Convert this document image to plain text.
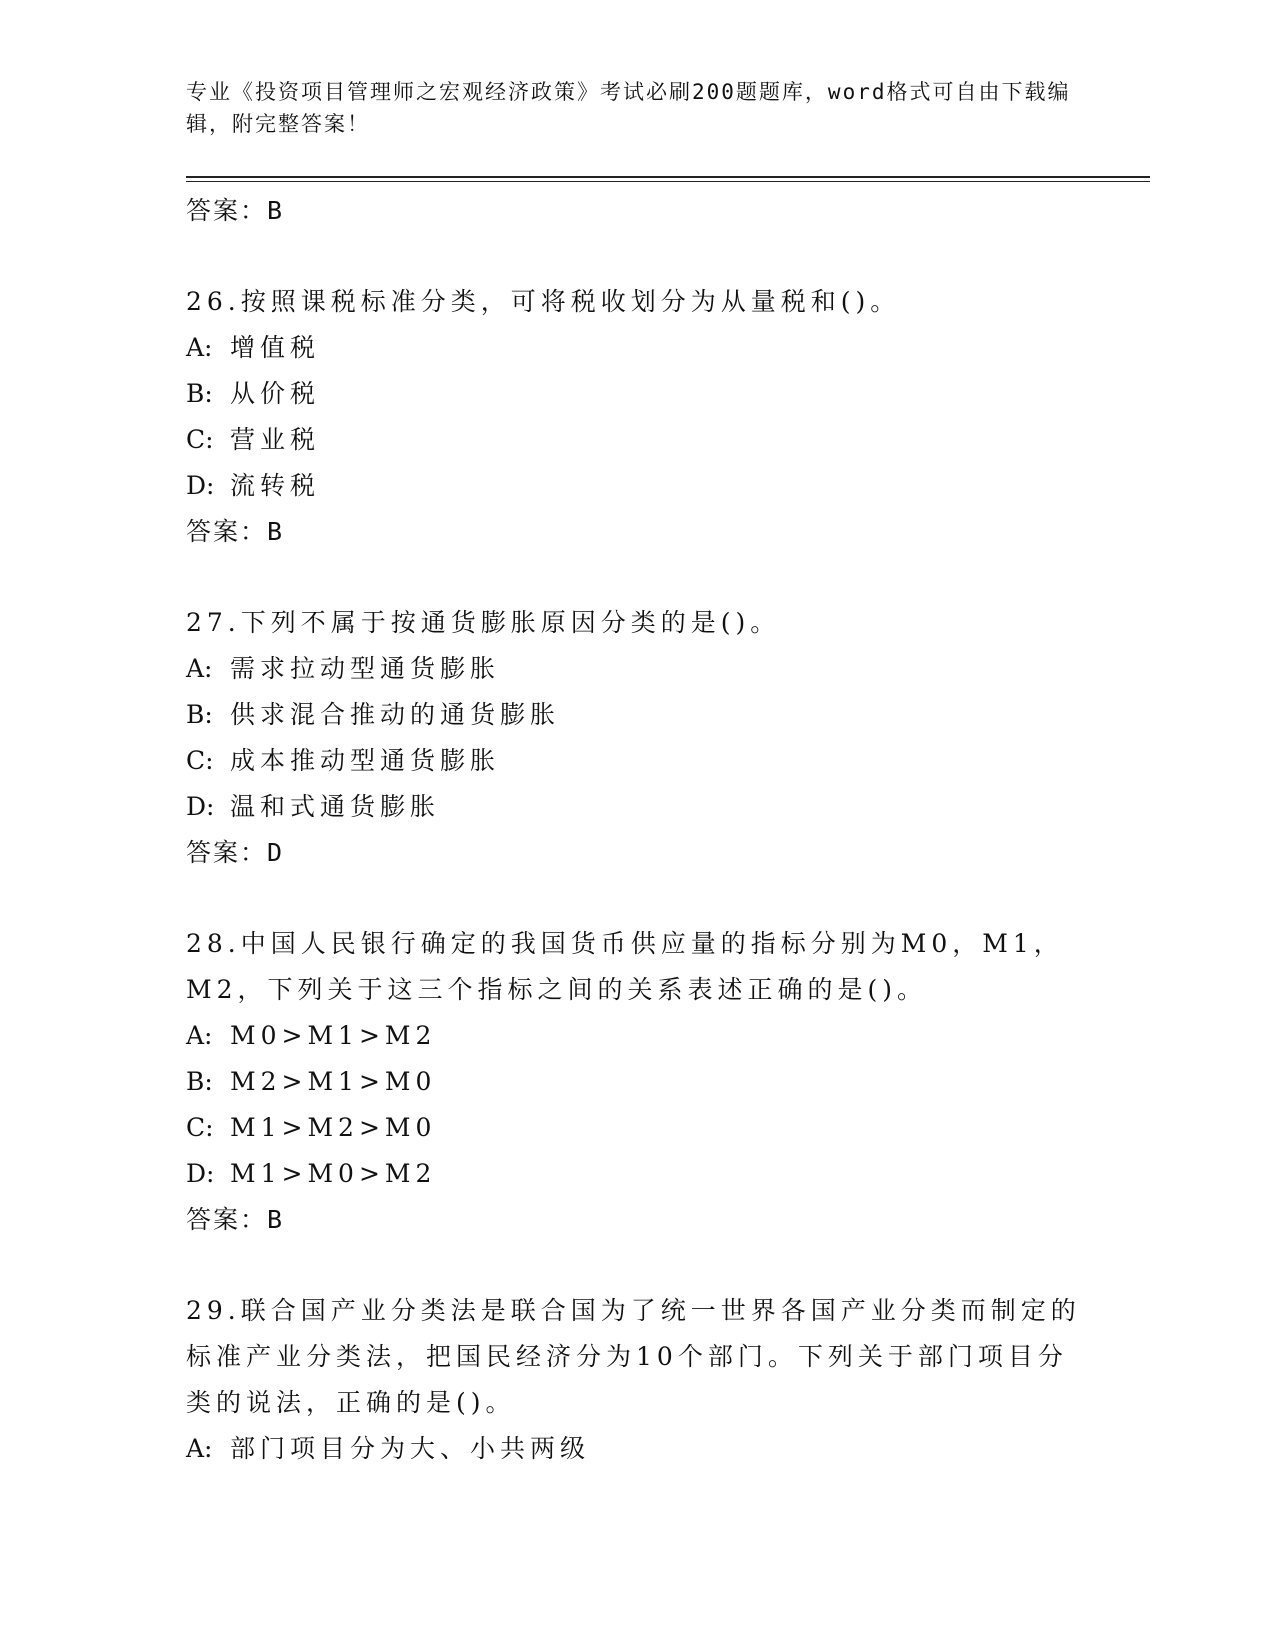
专业《投资项目管理师之宏观经济政策》考试必刷200题题库，word格式可自由下载编辑，附完整答案！

答案：B

26.按照课税标准分类，可将税收划分为从量税和()。

A: 增值税

B: 从价税

C: 营业税

D: 流转税

答案：B

27.下列不属于按通货膨胀原因分类的是()。

A: 需求拉动型通货膨胀

B: 供求混合推动的通货膨胀

C: 成本推动型通货膨胀

D: 温和式通货膨胀

答案：D

28.中国人民银行确定的我国货币供应量的指标分别为M0，M1，M2，下列关于这三个指标之间的关系表述正确的是()。

A: M0>M1>M2

B: M2>M1>M0

C: M1>M2>M0

D: M1>M0>M2

答案：B

29.联合国产业分类法是联合国为了统一世界各国产业分类而制定的标准产业分类法，把国民经济分为10个部门。下列关于部门项目分类的说法，正确的是()。

A: 部门项目分为大、小共两级
